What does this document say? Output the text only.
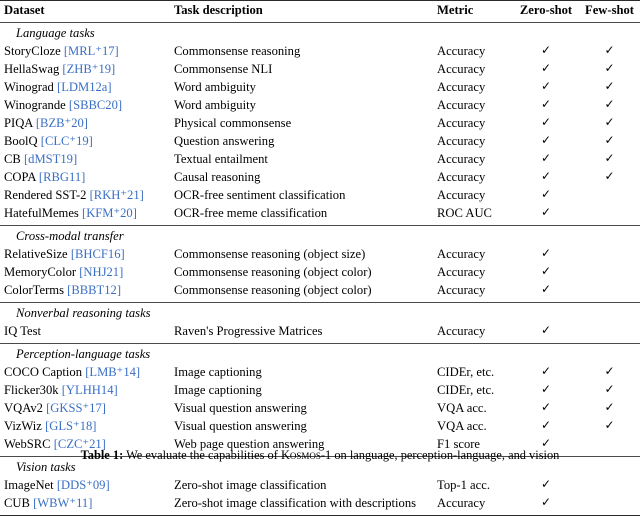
Dataset	Task description	Metric	Zero-shot	Few-shot

Language tasks				
StoryCloze [MRL⁺17]	Commonsense reasoning	Accuracy	✓	✓
HellaSwag [ZHB⁺19]	Commonsense NLI	Accuracy	✓	✓
Winograd [LDM12a]	Word ambiguity	Accuracy	✓	✓
Winogrande [SBBC20]	Word ambiguity	Accuracy	✓	✓
PIQA [BZB⁺20]	Physical commonsense	Accuracy	✓	✓
BoolQ [CLC⁺19]	Question answering	Accuracy	✓	✓
CB [dMST19]	Textual entailment	Accuracy	✓	✓
COPA [RBG11]	Causal reasoning	Accuracy	✓	✓
Rendered SST-2 [RKH⁺21]	OCR-free sentiment classification	Accuracy	✓	
HatefulMemes [KFM⁺20]	OCR-free meme classification	ROC AUC	✓	

Cross-modal transfer				
RelativeSize [BHCF16]	Commonsense reasoning (object size)	Accuracy	✓	
MemoryColor [NHJ21]	Commonsense reasoning (object color)	Accuracy	✓	
ColorTerms [BBBT12]	Commonsense reasoning (object color)	Accuracy	✓	

Nonverbal reasoning tasks				
IQ Test	Raven's Progressive Matrices	Accuracy	✓	

Perception-language tasks				
COCO Caption [LMB⁺14]	Image captioning	CIDEr, etc.	✓	✓
Flicker30k [YLHH14]	Image captioning	CIDEr, etc.	✓	✓
VQAv2 [GKSS⁺17]	Visual question answering	VQA acc.	✓	✓
VizWiz [GLS⁺18]	Visual question answering	VQA acc.	✓	✓
WebSRC [CZC⁺21]	Web page question answering	F1 score	✓	

Vision tasks				
ImageNet [DDS⁺09]	Zero-shot image classification	Top-1 acc.	✓	
CUB [WBW⁺11]	Zero-shot image classification with descriptions	Accuracy	✓	

Table 1: We evaluate the capabilities of Kosmos-1 on language, perception-language, and vision
